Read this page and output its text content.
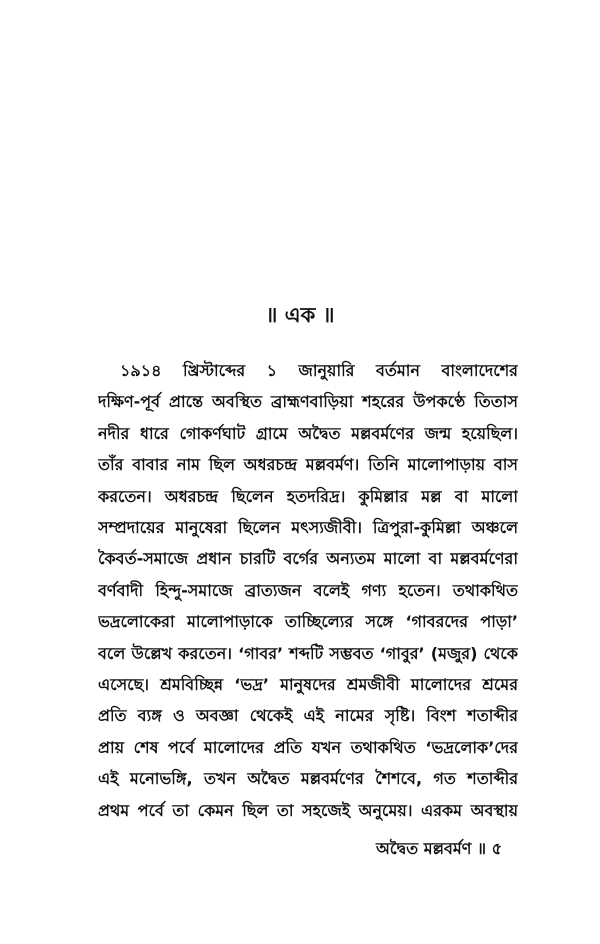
॥ এক ॥
১৯১৪ খ্রিস্টাব্দের ১ জানুয়ারি বর্তমান বাংলাদেশের
দক্ষিণ-পূর্ব প্রান্তে অবস্থিত ব্রাহ্মণবাড়িয়া শহরের উপকণ্ঠে তিতাস
নদীর ধারে গোকর্ণঘাট গ্রামে অদ্বৈত মল্লবর্মণের জন্ম হয়েছিল।
তাঁর বাবার নাম ছিল অধরচন্দ্র মল্লবর্মণ। তিনি মালোপাড়ায় বাস
করতেন। অধরচন্দ্র ছিলেন হতদরিদ্র। কুমিল্লার মল্ল বা মালো
সম্প্রদায়ের মানুষেরা ছিলেন মৎস্যজীবী। ত্রিপুরা-কুমিল্লা অঞ্চলে
কৈবর্ত-সমাজে প্রধান চারটি বর্গের অন্যতম মালো বা মল্লবর্মণেরা
বর্ণবাদী হিন্দু-সমাজে ব্রাত্যজন বলেই গণ্য হতেন। তথাকথিত
ভদ্রলোকেরা মালোপাড়াকে তাচ্ছিল্যের সঙ্গে ‘গাবরদের পাড়া’
বলে উল্লেখ করতেন। ‘গাবর’ শব্দটি সম্ভবত ‘গাবুর’ (মজুর) থেকে
এসেছে। শ্রমবিচ্ছিন্ন ‘ভদ্র’ মানুষদের শ্রমজীবী মালোদের শ্রমের
প্রতি ব্যঙ্গ ও অবজ্ঞা থেকেই এই নামের সৃষ্টি। বিংশ শতাব্দীর
প্রায় শেষ পর্বে মালোদের প্রতি যখন তথাকথিত ‘ভদ্রলোক’দের
এই মনোভঙ্গি, তখন অদ্বৈত মল্লবর্মণের শৈশবে, গত শতাব্দীর
প্রথম পর্বে তা কেমন ছিল তা সহজেই অনুমেয়। এরকম অবস্থায়
অদ্বৈত মল্লবর্মণ ॥ ৫
